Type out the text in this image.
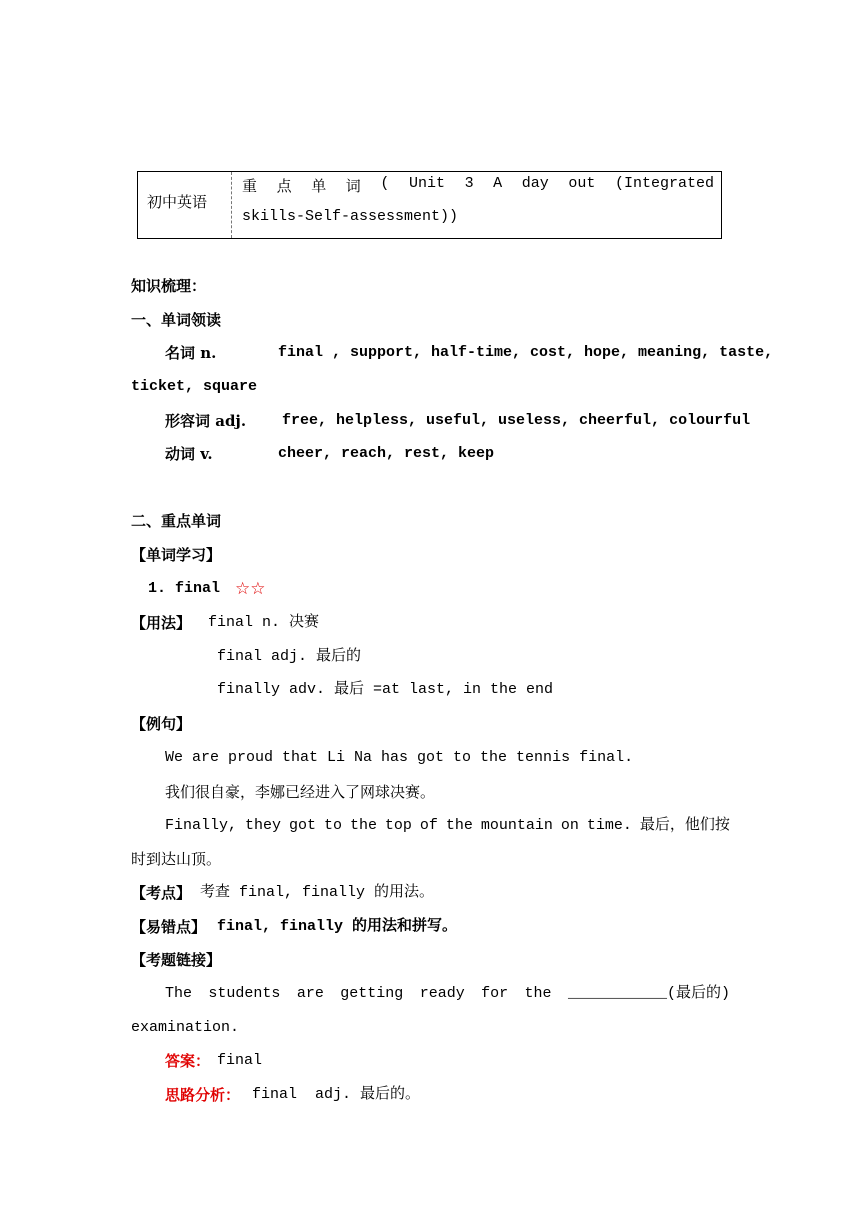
初中英语
重 点 单 词 ( Unit 3 A day out (Integrated
skills-Self-assessment))
知识梳理：
一、单词领读
名词 n.	final , support, half-time, cost, hope, meaning, taste,
ticket, square
形容词 adj. free, helpless, useful, useless, cheerful, colourful
动词 v.	cheer, reach, rest, keep
二、重点单词
【单词学习】
1. final ☆☆
【用法】 final n. 决赛
final adj. 最后的
finally adv. 最后 =at last, in the end
【例句】
We are proud that Li Na has got to the tennis final.
我们很自豪，李娜已经进入了网球决赛。
Finally, they got to the top of the mountain on time. 最后，他们按
时到达山顶。
【考点】 考查 final, finally 的用法。
【易错点】 final, finally 的用法和拼写。
【考题链接】
The students are getting ready for the ___________(最后的)
examination.
答案： final
思路分析： final  adj. 最后的。
